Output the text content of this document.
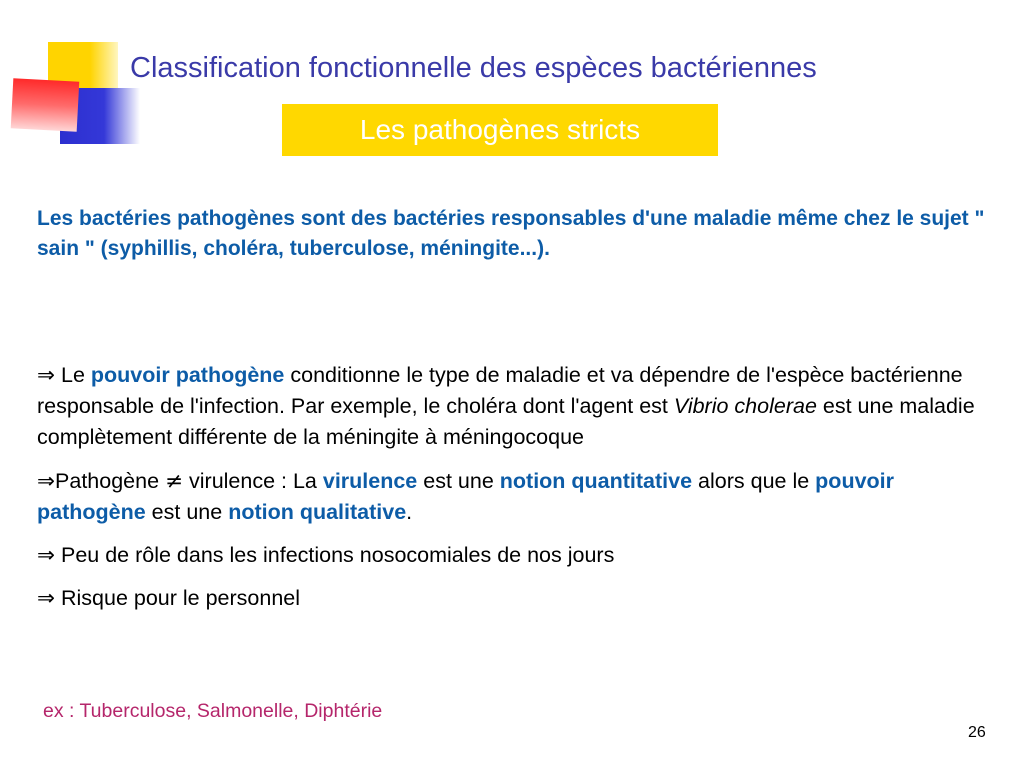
Classification fonctionnelle des espèces bactériennes
Les pathogènes stricts
Les bactéries pathogènes sont des bactéries responsables d'une maladie même chez le sujet " sain " (syphillis, choléra, tuberculose, méningite...).

⇒ Le pouvoir pathogène conditionne le type de maladie et va dépendre de l'espèce bactérienne responsable de l'infection. Par exemple, le choléra dont l'agent est Vibrio cholerae est une maladie complètement différente de la méningite à méningocoque

⇒Pathogène ≠ virulence : La virulence est une notion quantitative alors que le pouvoir pathogène est une notion qualitative.

⇒ Peu de rôle dans les infections nosocomiales de nos jours

⇒ Risque pour le personnel

ex : Tuberculose, Salmonelle, Diphtérie
26
